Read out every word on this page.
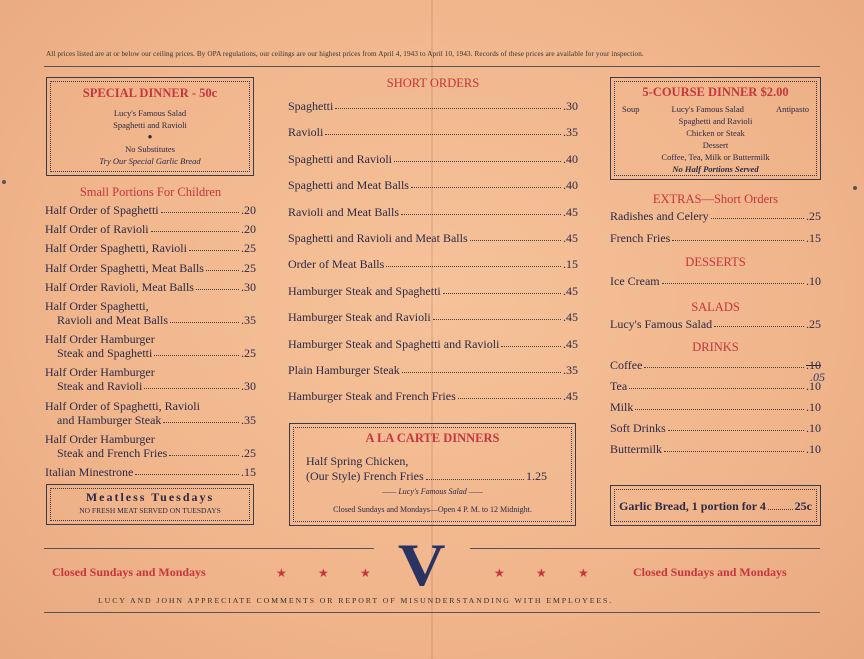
All prices listed are at or below our ceiling prices. By OPA regulations, our ceilings are our highest prices from April 4, 1943 to April 10, 1943. Records of these prices are available for your inspection.
SPECIAL DINNER - 50c
Lucy's Famous Salad
Spaghetti and Ravioli
●
No Substitutes
Try Our Special Garlic Bread
Small Portions For Children
Half Order of Spaghetti	.20
Half Order of Ravioli	.20
Half Order Spaghetti, Ravioli	.25
Half Order Spaghetti, Meat Balls	.25
Half Order Ravioli, Meat Balls	.30
Half Order Spaghetti,
Ravioli and Meat Balls	.35
Half Order Hamburger
Steak and Spaghetti	.25
Half Order Hamburger
Steak and Ravioli	.30
Half Order of Spaghetti, Ravioli
and Hamburger Steak	.35
Half Order Hamburger
Steak and French Fries	.25
Italian Minestrone	.15
Meatless Tuesdays
NO FRESH MEAT SERVED ON TUESDAYS
SHORT ORDERS
Spaghetti	.30
Ravioli	.35
Spaghetti and Ravioli	.40
Spaghetti and Meat Balls	.40
Ravioli and Meat Balls	.45
Spaghetti and Ravioli and Meat Balls	.45
Order of Meat Balls	.15
Hamburger Steak and Spaghetti	.45
Hamburger Steak and Ravioli	.45
Hamburger Steak and Spaghetti and Ravioli	.45
Plain Hamburger Steak	.35
Hamburger Steak and French Fries	.45
A LA CARTE DINNERS
Half Spring Chicken,
(Our Style) French Fries	1.25
—— Lucy's Famous Salad ——
Closed Sundays and Mondays—Open 4 P. M. to 12 Midnight.
5-COURSE DINNER $2.00
Soup	Lucy's Famous Salad	Antipasto
Spaghetti and Ravioli
Chicken or Steak
Dessert
Coffee, Tea, Milk or Buttermilk
No Half Portions Served
EXTRAS—Short Orders
Radishes and Celery	.25
French Fries	.15
DESSERTS
Ice Cream	.10
SALADS
Lucy's Famous Salad	.25
DRINKS
Coffee	.10
Tea	.10
Milk	.10
Soft Drinks	.10
Buttermilk	.10
.05
Garlic Bread, 1 portion for 4 25c
V
Closed Sundays and Mondays	Closed Sundays and Mondays
★	★	★	★	★	★
LUCY AND JOHN APPRECIATE COMMENTS OR REPORT OF MISUNDERSTANDING WITH EMPLOYEES.
